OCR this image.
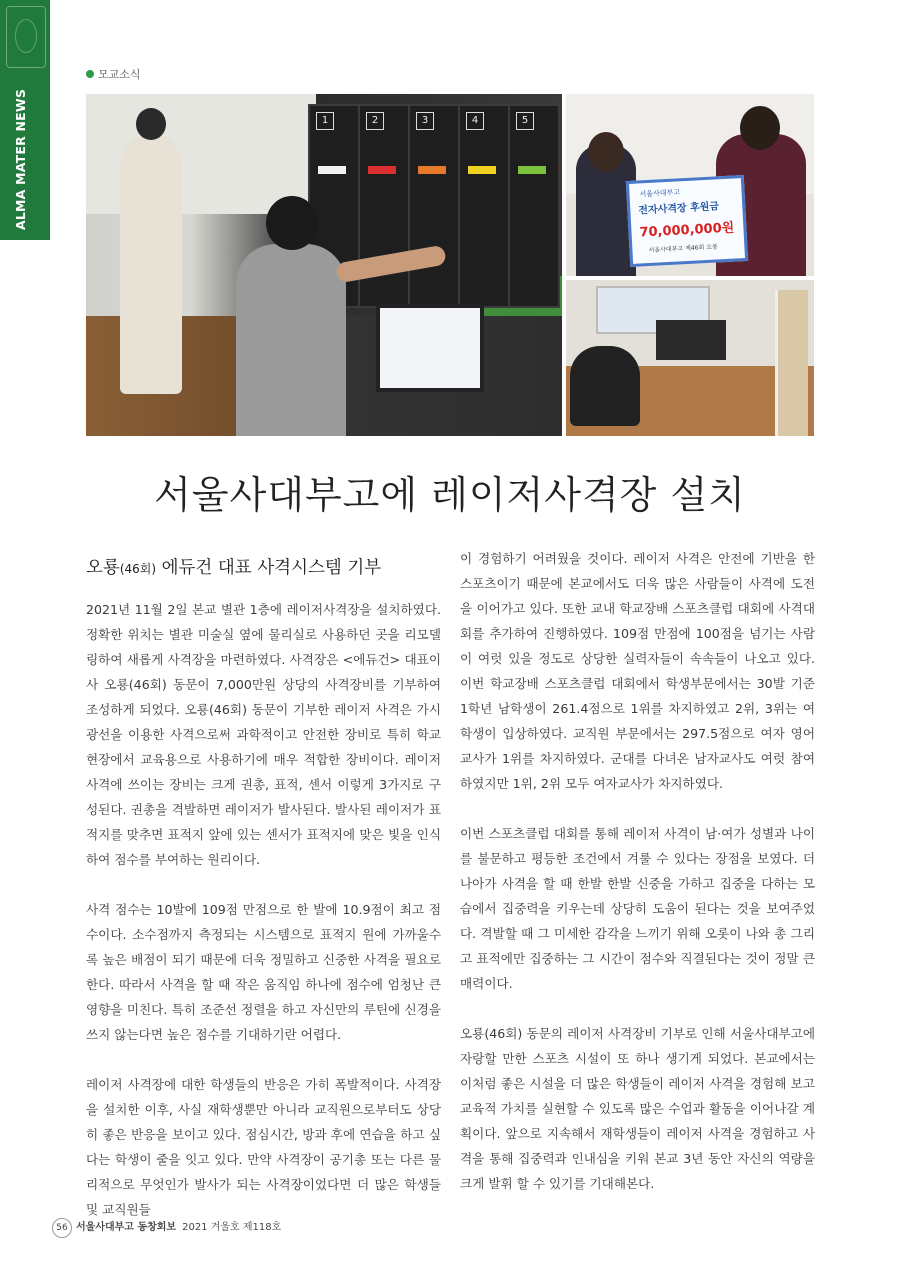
ALMA MATER NEWS
모교소식
1	2	3	4	5
서울사대부고
전자사격장 후원금
70,000,000원
서울사대부고 제46회 오롱
서울사대부고에 레이저사격장 설치
오룡(46회) 에듀건 대표 사격시스템 기부

2021년 11월 2일 본교 별관 1층에 레이저사격장을 설치하였다. 정확한 위치는 별관 미술실 옆에 물리실로 사용하던 곳을 리모델링하여 새롭게 사격장을 마련하였다. 사격장은 <에듀건> 대표이사 오룡(46회) 동문이 7,000만원 상당의 사격장비를 기부하여 조성하게 되었다. 오룡(46회) 동문이 기부한 레이저 사격은 가시광선을 이용한 사격으로써 과학적이고 안전한 장비로 특히 학교현장에서 교육용으로 사용하기에 매우 적합한 장비이다. 레이저 사격에 쓰이는 장비는 크게 권총, 표적, 센서 이렇게 3가지로 구성된다. 권총을 격발하면 레이저가 발사된다. 발사된 레이저가 표적지를 맞추면 표적지 앞에 있는 센서가 표적지에 맞은 빛을 인식하여 점수를 부여하는 원리이다.

사격 점수는 10발에 109점 만점으로 한 발에 10.9점이 최고 점수이다. 소수점까지 측정되는 시스템으로 표적지 원에 가까울수록 높은 배점이 되기 때문에 더욱 정밀하고 신중한 사격을 필요로 한다. 따라서 사격을 할 때 작은 움직임 하나에 점수에 엄청난 큰 영향을 미친다. 특히 조준선 정렬을 하고 자신만의 루틴에 신경을 쓰지 않는다면 높은 점수를 기대하기란 어렵다.

레이저 사격장에 대한 학생들의 반응은 가히 폭발적이다. 사격장을 설치한 이후, 사실 재학생뿐만 아니라 교직원으로부터도 상당히 좋은 반응을 보이고 있다. 점심시간, 방과 후에 연습을 하고 싶다는 학생이 줄을 잇고 있다. 만약 사격장이 공기총 또는 다른 물리적으로 무엇인가 발사가 되는 사격장이었다면 더 많은 학생들 및 교직원들

이 경험하기 어려웠을 것이다. 레이저 사격은 안전에 기반을 한 스포츠이기 때문에 본교에서도 더욱 많은 사람들이 사격에 도전을 이어가고 있다. 또한 교내 학교장배 스포츠클럽 대회에 사격대회를 추가하여 진행하였다. 109점 만점에 100점을 넘기는 사람이 여럿 있을 정도로 상당한 실력자들이 속속들이 나오고 있다. 이번 학교장배 스포츠클럽 대회에서 학생부문에서는 30발 기준 1학년 남학생이 261.4점으로 1위를 차지하였고 2위, 3위는 여학생이 입상하였다. 교직원 부문에서는 297.5점으로 여자 영어교사가 1위를 차지하였다. 군대를 다녀온 남자교사도 여럿 참여하였지만 1위, 2위 모두 여자교사가 차지하였다.

이번 스포츠클럽 대회를 통해 레이저 사격이 남·여가 성별과 나이를 불문하고 평등한 조건에서 겨룰 수 있다는 장점을 보였다. 더 나아가 사격을 할 때 한발 한발 신중을 가하고 집중을 다하는 모습에서 집중력을 키우는데 상당히 도움이 된다는 것을 보여주었다. 격발할 때 그 미세한 감각을 느끼기 위해 오롯이 나와 총 그리고 표적에만 집중하는 그 시간이 점수와 직결된다는 것이 정말 큰 매력이다.

오룡(46회) 동문의 레이저 사격장비 기부로 인해 서울사대부고에 자랑할 만한 스포츠 시설이 또 하나 생기게 되었다. 본교에서는 이처럼 좋은 시설을 더 많은 학생들이 레이저 사격을 경험해 보고 교육적 가치를 실현할 수 있도록 많은 수업과 활동을 이어나갈 계획이다. 앞으로 지속해서 재학생들이 레이저 사격을 경험하고 사격을 통해 집중력과 인내심을 키워 본교 3년 동안 자신의 역량을 크게 발휘 할 수 있기를 기대해본다.

56 서울사대부고 동창회보 2021 겨울호 제118호
